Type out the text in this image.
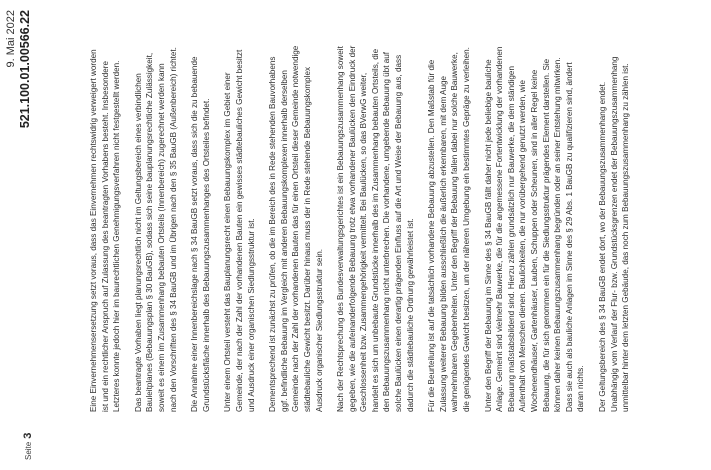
Seite3
9. Mai 2022 521.100.01.00566.22	Eine Einvernehmensersetzung setzt voraus, dass das Einvernehmen rechtswidrig verweigert worden ist und ein rechtlicher Anspruch auf Zulassung des beantragten Vorhabens besteht. Insbesondere Letzteres konnte jedoch hier im baurechtlichen Genehmigungsverfahren nicht festgestellt werden. Das beantragte Vorhaben liegt planungsrechtlich nicht im Geltungsbereich eines verbindlichen Bauleitplanes (Bebauungsplan § 30 BauGB), sodass sich seine bauplanungsrechtliche Zulässigkeit, soweit es einem im Zusammenhang bebauten Ortsteils (Innenbereich) zugerechnet werden kann nach den Vorschriften des § 34 BauGB und im Übrigen nach den § 35 BauGB (Außenbereich) richtet. Die Annahme einer Innenbereichslage nach § 34 BauGB setzt voraus, dass sich die zu bebauende Grundstücksfläche innerhalb des Bebauungszusammenhanges des Ortsteiles befindet. Unter einem Ortsteil versteht das Bauplanungsrecht einen Bebauungskomplex im Gebiet einer Gemeinde, der nach der Zahl der vorhandenen Bauten ein gewisses städtebauliches Gewicht besitzt und Ausdruck einer organischen Siedlungsstruktur ist. Dementsprechend ist zunächst zu prüfen, ob die im Bereich des in Rede stehenden Bauvorhabens ggf. befindliche Bebauung im Vergleich mit anderen Bebauungskomplexen innerhalb derselben Gemeinde nach der Zahl der vorhandenen Bauten das für einen Ortsteil dieser Gemeinde notwendige städtebauliche Gewicht besitzt. Darüber hinaus muss der in Rede stehende Bebauungskomplex Ausdruck organischer Siedlungsstruktur sein. Nach der Rechtsprechung des Bundesverwaltungsgerichtes ist ein Bebauungszusammenhang soweit gegeben, wie die aufeinanderfolgende Bebauung trotz etwa vorhandener Baulücken den Eindruck der Geschlossenheit bzw. Zusammengehörigkeit vermittelt. Bei Baulücken, so das BVerwG weiter, handelt es sich um unbebaute Grundstücke innerhalb des im Zusammenhang bebauten Ortsteils, die den Bebauungszusammenhang nicht unterbrechen. Die vorhandene, umgebende Bebauung übt auf solche Baulücken einen derartig prägenden Einfluss auf die Art und Weise der Bebauung aus, dass dadurch die städtebauliche Ordnung gewährleistet ist. Für die Beurteilung ist auf die tatsächlich vorhandene Bebauung abzustellen. Den Maßstab für die Zulassung weiterer Bebauung bilden ausschließlich die äußerlich erkennbaren, mit dem Auge wahrnehmbaren Gegebenheiten. Unter den Begriff der Bebauung fallen dabei nur solche Bauwerke, die genügendes Gewicht besitzen, um der näheren Umgebung ein bestimmtes Gepräge zu verleihen. Unter den Begriff der Bebauung im Sinne des § 34 BauGB fällt daher nicht jede beliebige bauliche Anlage. Gemeint sind vielmehr Bauwerke, die für die angemessene Fortentwicklung der vorhandenen Bebauung maßstabsbildend sind. Hierzu zählen grundsätzlich nur Bauwerke, die dem ständigen Aufenthalt von Menschen dienen. Baulichkeiten, die nur vorübergehend genutzt werden, wie Wochenendhäuser, Gartenhäuser, Lauben, Schuppen oder Scheunen, sind in aller Regel keine Bebauung, die für sich genommen ein für die Siedlungsstruktur prägendes Element darstellen. Sie können daher keinen Bebauungszusammenhang begründen oder an seiner Entstehung mitwirken. Dass sie auch als bauliche Anlagen im Sinne des § 29 Abs. 1 BauGB zu qualifizieren sind, ändert daran nichts. Der Geltungsbereich des § 34 BauGB endet dort, wo der Bebauungszusammenhang endet. Unabhängig vom Verlauf der Flur- bzw. Grundstücksgrenzen endet der Bebauungszusammenhang unmittelbar hinter dem letzten Gebäude, das noch zum Bebauungszusammenhang zu zählen ist.
